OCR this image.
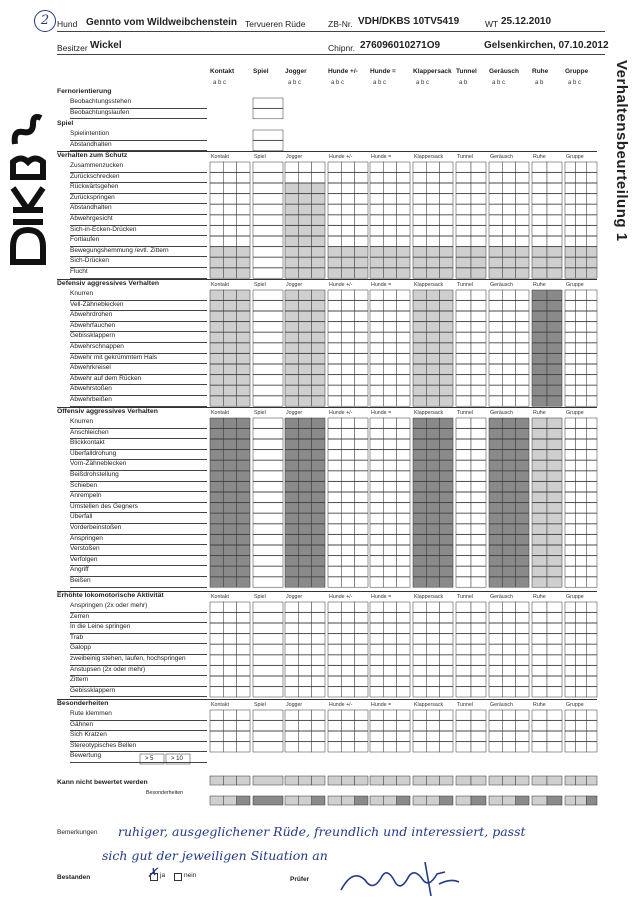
2 Hund Gennto vom Wildweibchenstein Tervueren Rüde	ZB-Nr. VDH/DKBS 10TV5419	WT 25.12.2010
Besitzer Wickel	Chipnr. 276096010271O9	Gelsenkirchen, 07.10.2012
DKBS
Verhaltensbeurteilung 1
Kontakt
a b c
Spiel	Jogger
a b c
Hunde +/-
a b c
Hunde =
a b c
Klappersack
a b c
Tunnel
a b
Geräusch
a b c
Ruhe
a b
Gruppe
a b c
Fernorientierung
Beobachtungsstehen
Beobachtungslaufen
Spiel
Spielintention
Abstandhalten
Verhalten zum Schutz	Kontakt	Spiel	Jogger	Hunde +/-	Hunde =	Klappersack	Tunnel	Geräusch	Ruhe	Gruppe
Zusammenzucken
Zurückschrecken
Rückwärtsgehen
Zurückspringen
Abstandhalten
Abwehrgesicht
Sich-in-Ecken-Drücken
Fortlaufen
Bewegungshemmung /evtl. Zittern
Sich-Drücken
Flucht
Defensiv aggressives Verhalten	Kontakt	Spiel	Jogger	Hunde +/-	Hunde =	Klappersack	Tunnel	Geräusch	Ruhe	Gruppe
Knurren
Vell-Zähneblecken
Abwehrdrohen
Abwehrfauchen
Gebissklappern
Abwehrschnappen
Abwehr mit gekrümmtem Hals
Abwehrkreisel
Abwehr auf dem Rücken
Abwehrstoßen
Abwehrbeißen
Offensiv aggressives Verhalten	Kontakt	Spiel	Jogger	Hunde +/-	Hunde =	Klappersack	Tunnel	Geräusch	Ruhe	Gruppe
Knurren
Anschleichen
Blickkontakt
Überfalldrohung
Vorn-Zähneblecken
Beißdrohstellung
Schieben
Anrempeln
Umstellen des Gegners
Überfall
Vorderbeinstoßen
Anspringen
Verstoßen
Verfolgen
Angriff
Beißen
Erhöhte lokomotorische Aktivität	Kontakt	Spiel	Jogger	Hunde +/-	Hunde =	Klappersack	Tunnel	Geräusch	Ruhe	Gruppe
Anspringen (2x oder mehr)
Zerren
In die Leine springen
Trab
Galopp
zweibeinig stehen, laufen, hochspringen
Anstupsen (2x oder mehr)
Zittern
Gebissklappern
Besonderheiten	Kontakt	Spiel	Jogger	Hunde +/-	Hunde =	Klappersack	Tunnel	Geräusch	Ruhe	Gruppe
Rute klemmen
Gähnen
Sich Kratzen
Stereotypisches Bellen
Bewertung	> 5	> 10
Kann nicht bewertet werden
Besonderheiten
Bemerkungen ruhiger, ausgeglichener Rüde, freundlich und interessiert, passt
sich gut der jeweiligen Situation an
Bestanden	✗ ja	nein
Prüfer
